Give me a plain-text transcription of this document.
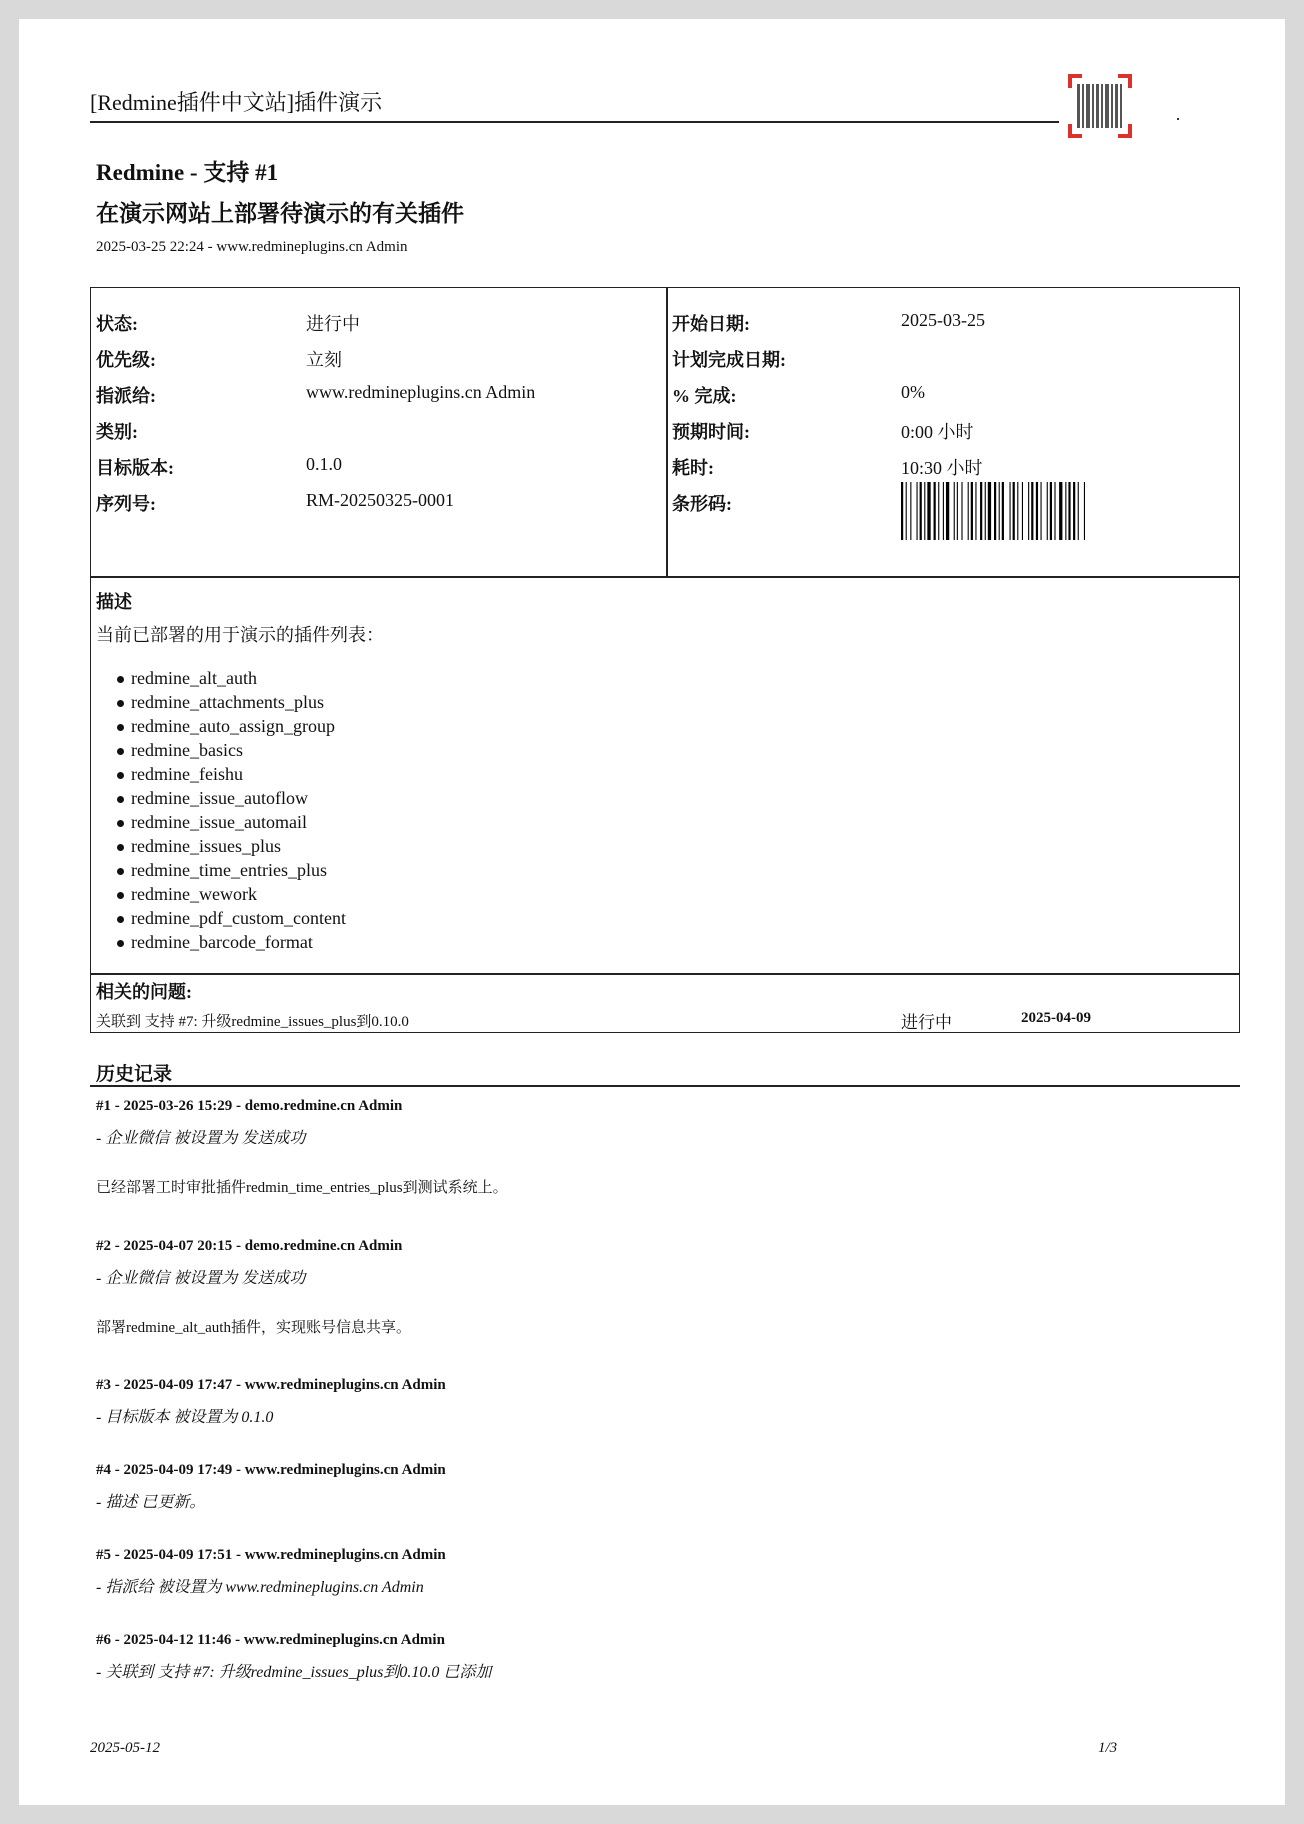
[Redmine插件中文站]插件演示
Redmine - 支持 #1
在演示网站上部署待演示的有关插件
2025-03-25 22:24 - www.redmineplugins.cn Admin
状态:	进行中
优先级:	立刻
指派给:	www.redmineplugins.cn Admin
类别:
目标版本:	0.1.0
序列号:	RM-20250325-0001
开始日期:	2025-03-25
计划完成日期:
% 完成:	0%
预期时间:	0:00 小时
耗时:	10:30 小时
条形码:
描述
当前已部署的用于演示的插件列表：
redmine_alt_auth
redmine_attachments_plus
redmine_auto_assign_group
redmine_basics
redmine_feishu
redmine_issue_autoflow
redmine_issue_automail
redmine_issues_plus
redmine_time_entries_plus
redmine_wework
redmine_pdf_custom_content
redmine_barcode_format
相关的问题:
关联到 支持 #7: 升级redmine_issues_plus到0.10.0	进行中	2025-04-09
历史记录
#1 - 2025-03-26 15:29 - demo.redmine.cn Admin
- 企业微信 被设置为 发送成功
已经部署工时审批插件redmin_time_entries_plus到测试系统上。
#2 - 2025-04-07 20:15 - demo.redmine.cn Admin
- 企业微信 被设置为 发送成功
部署redmine_alt_auth插件，实现账号信息共享。
#3 - 2025-04-09 17:47 - www.redmineplugins.cn Admin
- 目标版本 被设置为 0.1.0
#4 - 2025-04-09 17:49 - www.redmineplugins.cn Admin
- 描述 已更新。
#5 - 2025-04-09 17:51 - www.redmineplugins.cn Admin
- 指派给 被设置为 www.redmineplugins.cn Admin
#6 - 2025-04-12 11:46 - www.redmineplugins.cn Admin
- 关联到 支持 #7: 升级redmine_issues_plus到0.10.0 已添加
2025-05-12	1/3
